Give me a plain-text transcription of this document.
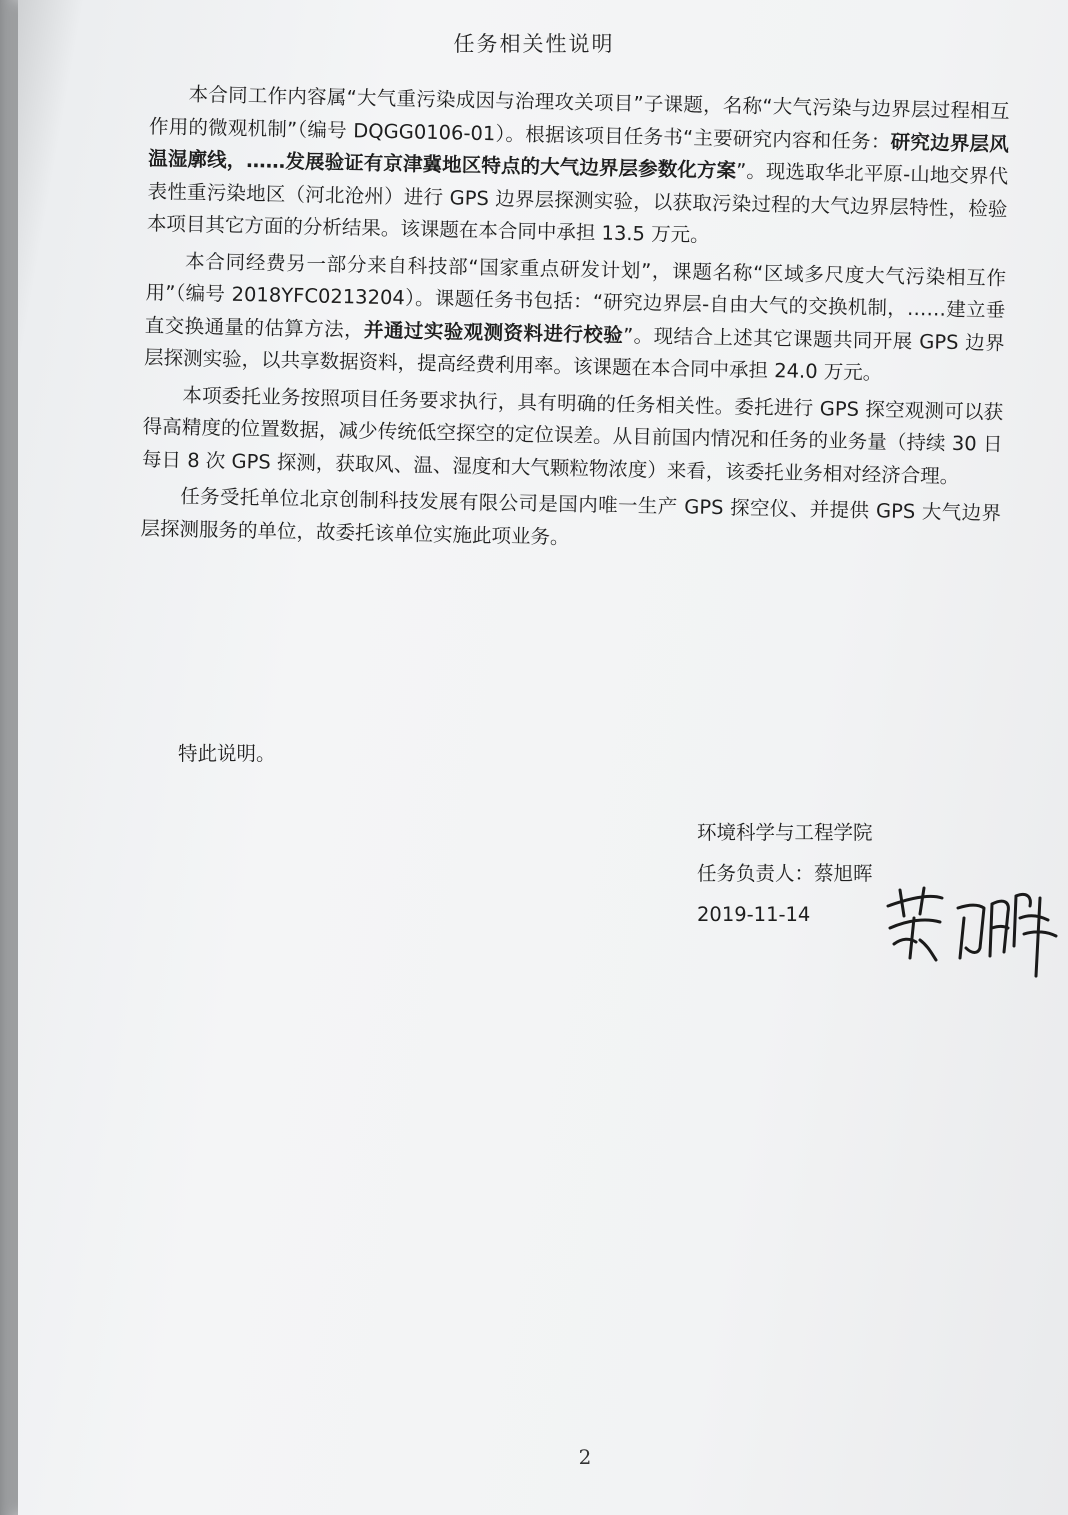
任务相关性说明

本合同工作内容属“大气重污染成因与治理攻关项目”子课题，名称“大气污染与边界层过程相互作用的微观机制”（编号 DQGG0106-01）。根据该项目任务书“主要研究内容和任务：研究边界层风温湿廓线，……发展验证有京津冀地区特点的大气边界层参数化方案”。现选取华北平原-山地交界代表性重污染地区（河北沧州）进行 GPS 边界层探测实验，以获取污染过程的大气边界层特性，检验本项目其它方面的分析结果。该课题在本合同中承担 13.5 万元。

本合同经费另一部分来自科技部“国家重点研发计划”，课题名称“区域多尺度大气污染相互作用”（编号 2018YFC0213204）。课题任务书包括：“研究边界层-自由大气的交换机制，……建立垂直交换通量的估算方法，并通过实验观测资料进行校验”。现结合上述其它课题共同开展 GPS 边界层探测实验，以共享数据资料，提高经费利用率。该课题在本合同中承担 24.0 万元。

本项委托业务按照项目任务要求执行，具有明确的任务相关性。委托进行 GPS 探空观测可以获得高精度的位置数据，减少传统低空探空的定位误差。从目前国内情况和任务的业务量（持续 30 日每日 8 次 GPS 探测，获取风、温、湿度和大气颗粒物浓度）来看，该委托业务相对经济合理。

任务受托单位北京创制科技发展有限公司是国内唯一生产 GPS 探空仪、并提供 GPS 大气边界层探测服务的单位，故委托该单位实施此项业务。

特此说明。
环境科学与工程学院
任务负责人：蔡旭晖
2019-11-14
2
